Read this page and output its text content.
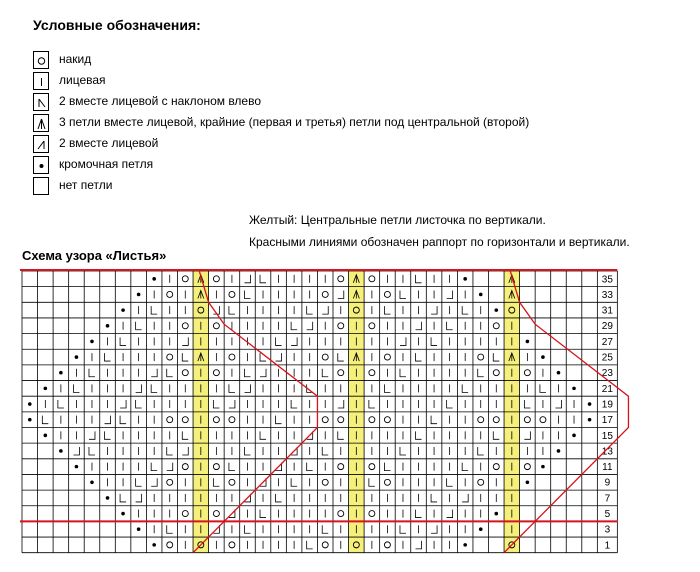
Условные обозначения:
накид
лицевая
2 вместе лицевой с наклоном влево
3 петли вместе лицевой, крайние (первая и третья) петли под центральной (второй)
2 вместе лицевой
кромочная петля
нет петли
Желтый: Центральные петли листочка по вертикали.
Красными линиями обозначен раппорт по горизонтали и вертикали.
Схема узора «Листья»
35
33
31
29
27
25
23
21
19
17
15
13
11
9
7
5
3
1
